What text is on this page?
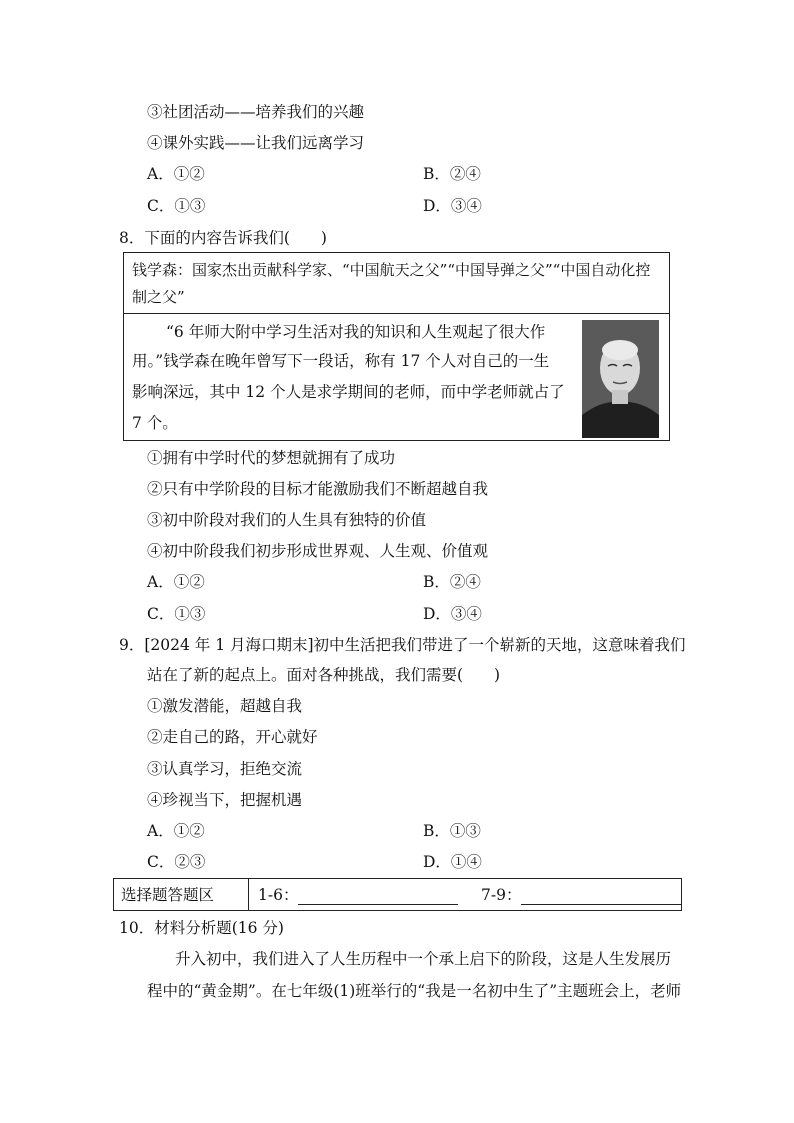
③社团活动——培养我们的兴趣
④课外实践——让我们远离学习
A．①②	B．②④
C．①③	D．③④
8．下面的内容告诉我们(　　)
钱学森：国家杰出贡献科学家、“中国航天之父”“中国导弹之父”“中国自动化控
制之父”
“6 年师大附中学习生活对我的知识和人生观起了很大作
用。”钱学森在晚年曾写下一段话，称有 17 个人对自己的一生
影响深远，其中 12 个人是求学期间的老师，而中学老师就占了
7 个。
①拥有中学时代的梦想就拥有了成功
②只有中学阶段的目标才能激励我们不断超越自我
③初中阶段对我们的人生具有独特的价值
④初中阶段我们初步形成世界观、人生观、价值观
A．①②	B．②④
C．①③	D．③④
9．[2024 年 1 月海口期末]初中生活把我们带进了一个崭新的天地，这意味着我们
站在了新的起点上。面对各种挑战，我们需要(　　)
①激发潜能，超越自我
②走自己的路，开心就好
③认真学习，拒绝交流
④珍视当下，把握机遇
A．①②	B．①③
C．②③	D．①④
选择题答题区	1-6：	7-9：
10．材料分析题(16 分)
升入初中，我们进入了人生历程中一个承上启下的阶段，这是人生发展历
程中的“黄金期”。在七年级(1)班举行的“我是一名初中生了”主题班会上，老师
